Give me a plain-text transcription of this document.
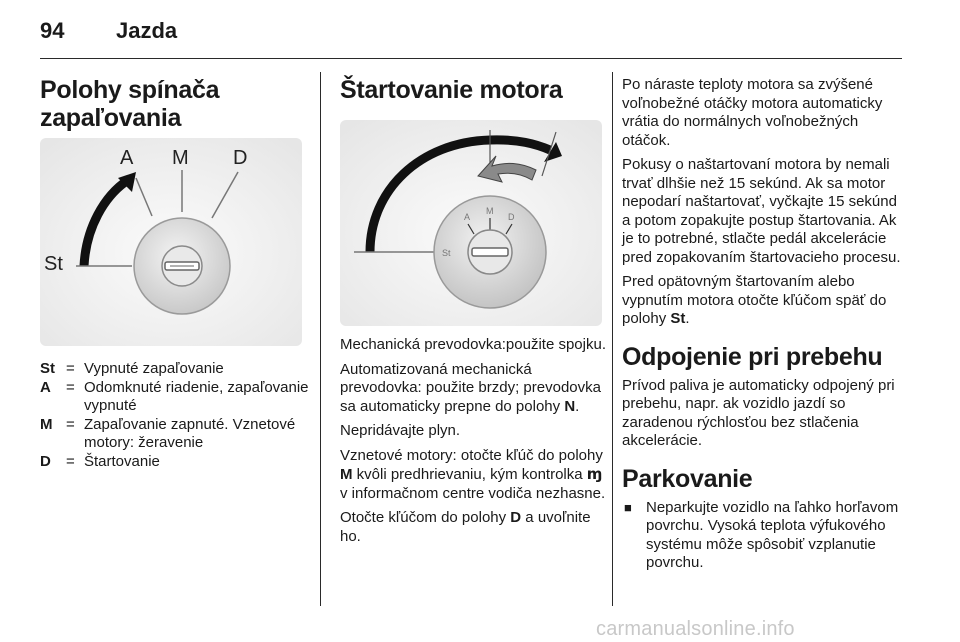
94 Jazda
Polohy spínača zapaľovania
A M D
St
St = Vypnuté zapaľovanie
A	= Odomknuté riadenie, zapaľovanie vypnuté
M = Zapaľovanie zapnuté. Vznetové motory: žeravenie
D	= Štartovanie
Štartovanie motora

Mechanická prevodovka:použite spojku.

Automatizovaná mechanická prevodovka: použite brzdy; prevodovka sa automaticky prepne do polohy N.

Nepridávajte plyn.

Vznetové motory: otočte kľúč do polohy M kvôli predhrievaniu, kým kontrolka ɱ v informačnom centre vodiča nezhasne.

Otočte kľúčom do polohy D a uvoľnite ho.

A
M
D
St

Po náraste teploty motora sa zvýšené voľnobežné otáčky motora automaticky vrátia do normálnych voľnobežných otáčok.

Pokusy o naštartovaní motora by nemali trvať dlhšie než 15 sekúnd. Ak sa motor nepodarí naštartovať, vyčkajte 15 sekúnd a potom zopakujte postup štartovania. Ak je to potrebné, stlačte pedál akcelerácie pred zopakovaním štartovacieho procesu.

Pred opätovným štartovaním alebo vypnutím motora otočte kľúčom späť do polohy St.

Odpojenie pri prebehu

Prívod paliva je automaticky odpojený pri prebehu, napr. ak vozidlo jazdí so zaradenou rýchlosťou bez stlačenia akcelerácie.

Parkovanie
■ Neparkujte vozidlo na ľahko horľavom povrchu. Vysoká teplota výfukového systému môže spôsobiť vzplanutie povrchu.

carmanualsonline.info
